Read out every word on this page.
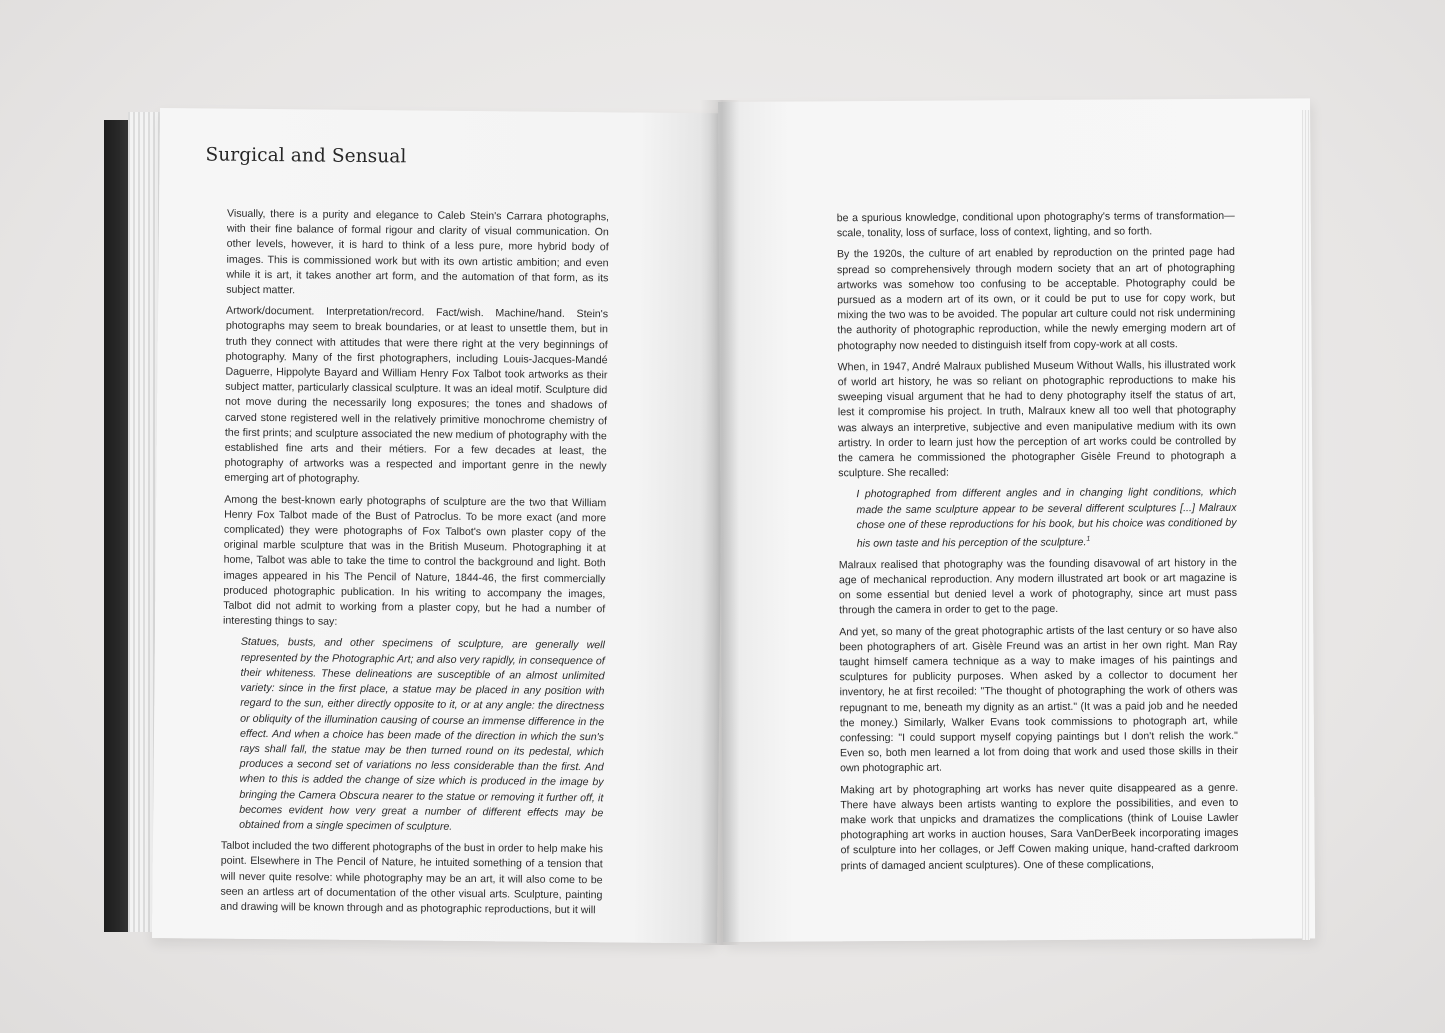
Surgical and Sensual

Visually, there is a purity and elegance to Caleb Stein's Carrara photographs, with their fine balance of formal rigour and clarity of visual communication. On other levels, however, it is hard to think of a less pure, more hybrid body of images. This is commissioned work but with its own artistic ambition; and even while it is art, it takes another art form, and the automation of that form, as its subject matter.

Artwork/document. Interpretation/record. Fact/wish. Machine/hand. Stein's photographs may seem to break boundaries, or at least to unsettle them, but in truth they connect with attitudes that were there right at the very beginnings of photography. Many of the first photographers, including Louis-Jacques-Mandé Daguerre, Hippolyte Bayard and William Henry Fox Talbot took artworks as their subject matter, particularly classical sculpture. It was an ideal motif. Sculpture did not move during the necessarily long exposures; the tones and shadows of carved stone registered well in the relatively primitive monochrome chemistry of the first prints; and sculpture associated the new medium of photography with the established fine arts and their métiers. For a few decades at least, the photography of artworks was a respected and important genre in the newly emerging art of photography.

Among the best-known early photographs of sculpture are the two that William Henry Fox Talbot made of the Bust of Patroclus. To be more exact (and more complicated) they were photographs of Fox Talbot's own plaster copy of the original marble sculpture that was in the British Museum. Photographing it at home, Talbot was able to take the time to control the background and light. Both images appeared in his The Pencil of Nature, 1844-46, the first commercially produced photographic publication. In his writing to accompany the images, Talbot did not admit to working from a plaster copy, but he had a number of interesting things to say:

Statues, busts, and other specimens of sculpture, are generally well represented by the Photographic Art; and also very rapidly, in consequence of their whiteness. These delineations are susceptible of an almost unlimited variety: since in the first place, a statue may be placed in any position with regard to the sun, either directly opposite to it, or at any angle: the directness or obliquity of the illumination causing of course an immense difference in the effect. And when a choice has been made of the direction in which the sun's rays shall fall, the statue may be then turned round on its pedestal, which produces a second set of variations no less considerable than the first. And when to this is added the change of size which is produced in the image by bringing the Camera Obscura nearer to the statue or removing it further off, it becomes evident how very great a number of different effects may be obtained from a single specimen of sculpture.

Talbot included the two different photographs of the bust in order to help make his point. Elsewhere in The Pencil of Nature, he intuited something of a tension that will never quite resolve: while photography may be an art, it will also come to be seen an artless art of documentation of the other visual arts. Sculpture, painting and drawing will be known through and as photographic reproductions, but it will

be a spurious knowledge, conditional upon photography's terms of transformation—scale, tonality, loss of surface, loss of context, lighting, and so forth.

By the 1920s, the culture of art enabled by reproduction on the printed page had spread so comprehensively through modern society that an art of photographing artworks was somehow too confusing to be acceptable. Photography could be pursued as a modern art of its own, or it could be put to use for copy work, but mixing the two was to be avoided. The popular art culture could not risk undermining the authority of photographic reproduction, while the newly emerging modern art of photography now needed to distinguish itself from copy-work at all costs.

When, in 1947, André Malraux published Museum Without Walls, his illustrated work of world art history, he was so reliant on photographic reproductions to make his sweeping visual argument that he had to deny photography itself the status of art, lest it compromise his project. In truth, Malraux knew all too well that photography was always an interpretive, subjective and even manipulative medium with its own artistry. In order to learn just how the perception of art works could be controlled by the camera he commissioned the photographer Gisèle Freund to photograph a sculpture. She recalled:

I photographed from different angles and in changing light conditions, which made the same sculpture appear to be several different sculptures [...] Malraux chose one of these reproductions for his book, but his choice was conditioned by his own taste and his perception of the sculpture.$^1$

Malraux realised that photography was the founding disavowal of art history in the age of mechanical reproduction. Any modern illustrated art book or art magazine is on some essential but denied level a work of photography, since art must pass through the camera in order to get to the page.

And yet, so many of the great photographic artists of the last century or so have also been photographers of art. Gisèle Freund was an artist in her own right. Man Ray taught himself camera technique as a way to make images of his paintings and sculptures for publicity purposes. When asked by a collector to document her inventory, he at first recoiled: "The thought of photographing the work of others was repugnant to me, beneath my dignity as an artist." (It was a paid job and he needed the money.) Similarly, Walker Evans took commissions to photograph art, while confessing: "I could support myself copying paintings but I don't relish the work." Even so, both men learned a lot from doing that work and used those skills in their own photographic art.

Making art by photographing art works has never quite disappeared as a genre. There have always been artists wanting to explore the possibilities, and even to make work that unpicks and dramatizes the complications (think of Louise Lawler photographing art works in auction houses, Sara VanDerBeek incorporating images of sculpture into her collages, or Jeff Cowen making unique, hand-crafted darkroom prints of damaged ancient sculptures). One of these complications,
